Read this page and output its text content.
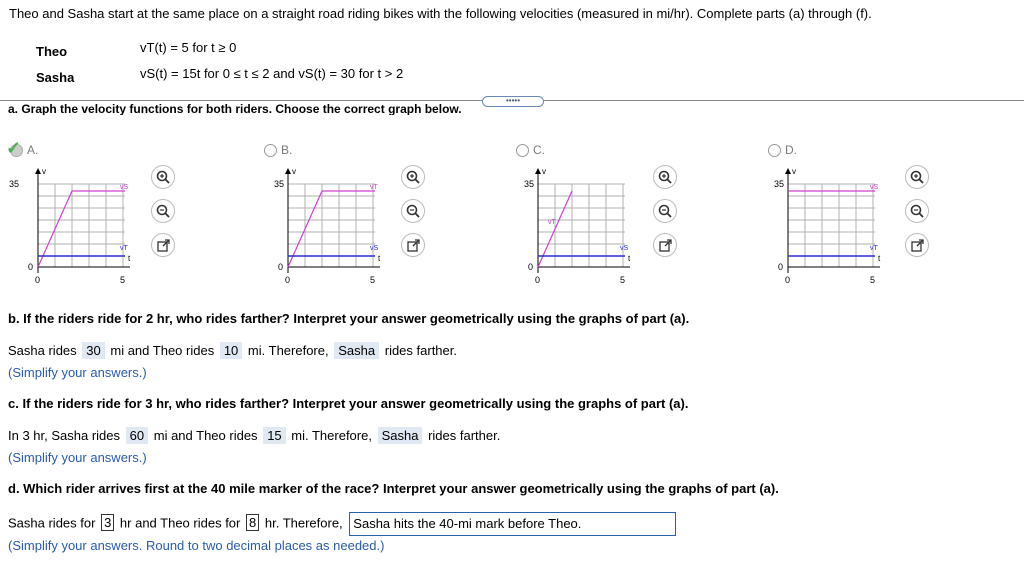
Theo and Sasha start at the same place on a straight road riding bikes with the following velocities (measured in mi/hr). Complete parts (a) through (f).
Theo	vT(t) = 5 for t ≥ 0
Sasha	vS(t) = 15t for 0 ≤ t ≤ 2 and vS(t) = 30 for t > 2
•••••
a. Graph the velocity functions for both riders. Choose the correct graph below.
✓ A.	B.	C.	D.
v
35
0
0	5
vS
vT
t
v
35
0
0	5
vT
vS
t
v
35
0
0	5
vT
vS
t
v
35
0
0	5
vS
vT
t
b. If the riders ride for 2 hr, who rides farther? Interpret your answer geometrically using the graphs of part (a).
Sasha rides 30 mi and Theo rides 10 mi. Therefore, Sasha rides farther.
(Simplify your answers.)
c. If the riders ride for 3 hr, who rides farther? Interpret your answer geometrically using the graphs of part (a).
In 3 hr, Sasha rides 60 mi and Theo rides 15 mi. Therefore, Sasha rides farther.
(Simplify your answers.)
d. Which rider arrives first at the 40 mile marker of the race? Interpret your answer geometrically using the graphs of part (a).
Sasha rides for 3 hr and Theo rides for 8 hr. Therefore, Sasha hits the 40-mi mark before Theo.
(Simplify your answers. Round to two decimal places as needed.)
